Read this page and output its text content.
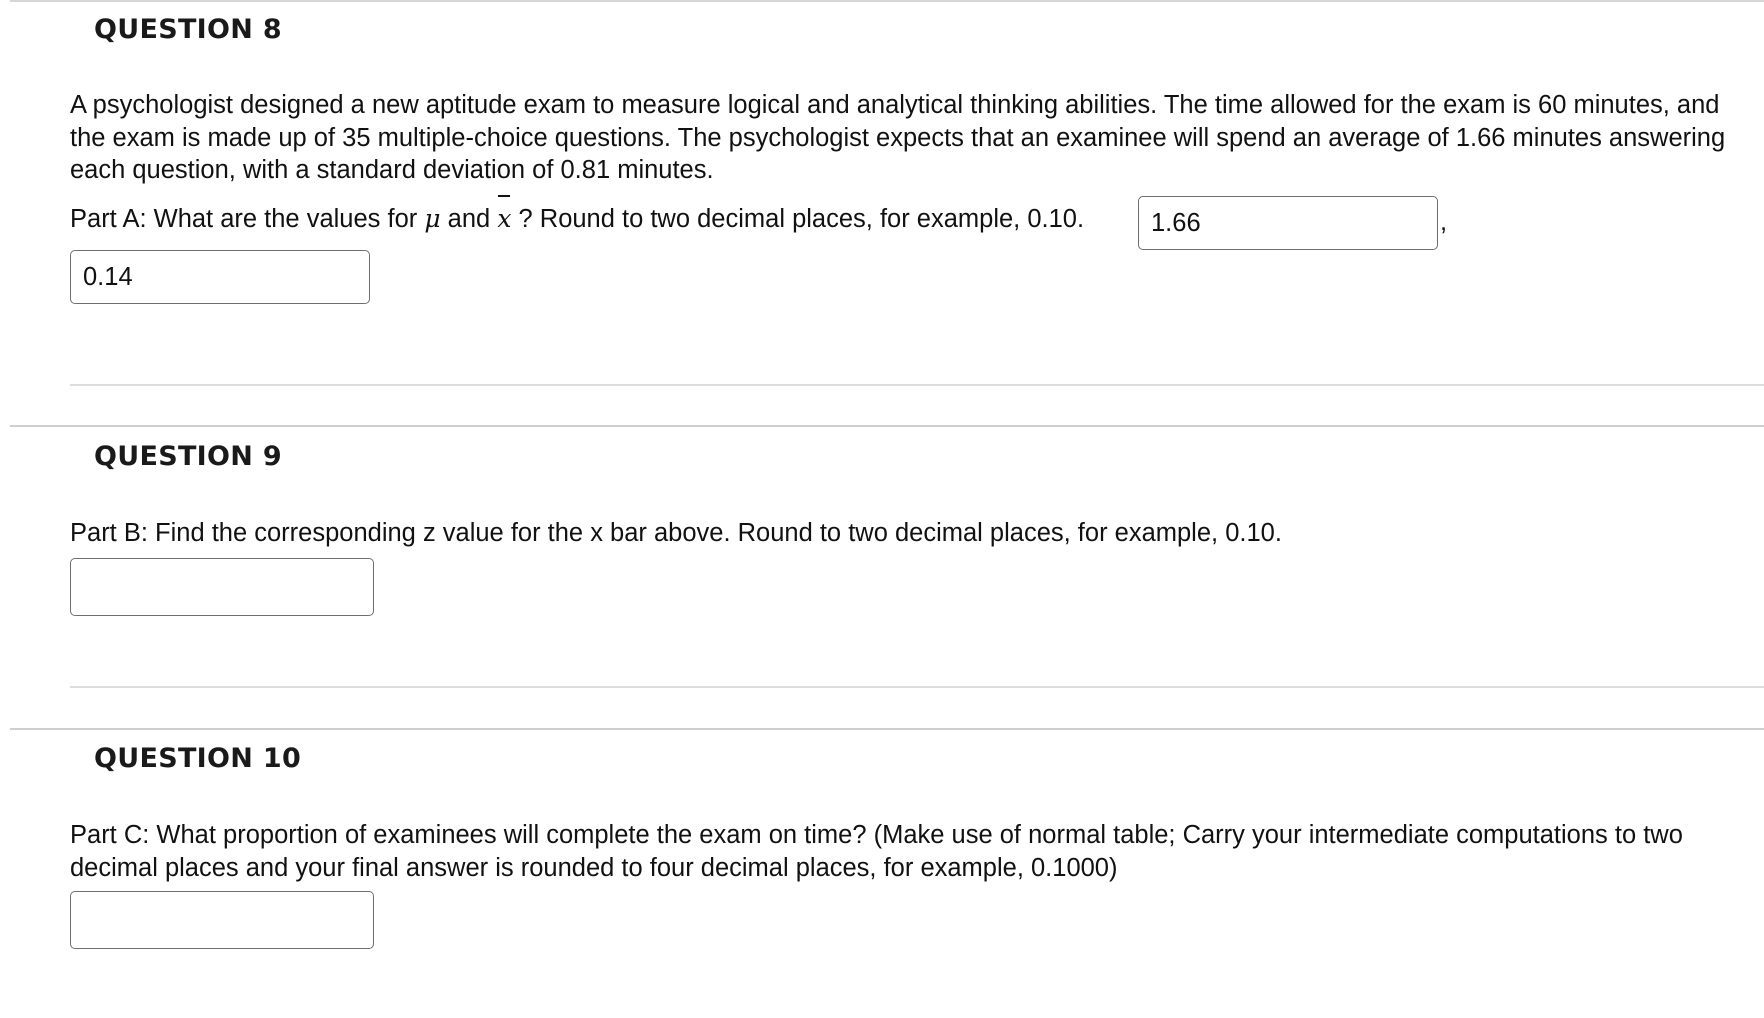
QUESTION 8
A psychologist designed a new aptitude exam to measure logical and analytical thinking abilities. The time allowed for the exam is 60 minutes, and the exam is made up of 35 multiple-choice questions. The psychologist expects that an examinee will spend an average of 1.66 minutes answering each question, with a standard deviation of 0.81 minutes.
Part A: What are the values for μ and
x ? Round to two decimal places, for example, 0.10.
1.66	,
0.14
QUESTION 9
Part B: Find the corresponding z value for the x bar above. Round to two decimal places, for example, 0.10.
QUESTION 10
Part C: What proportion of examinees will complete the exam on time? (Make use of normal table; Carry your intermediate computations to two decimal places and your final answer is rounded to four decimal places, for example, 0.1000)
